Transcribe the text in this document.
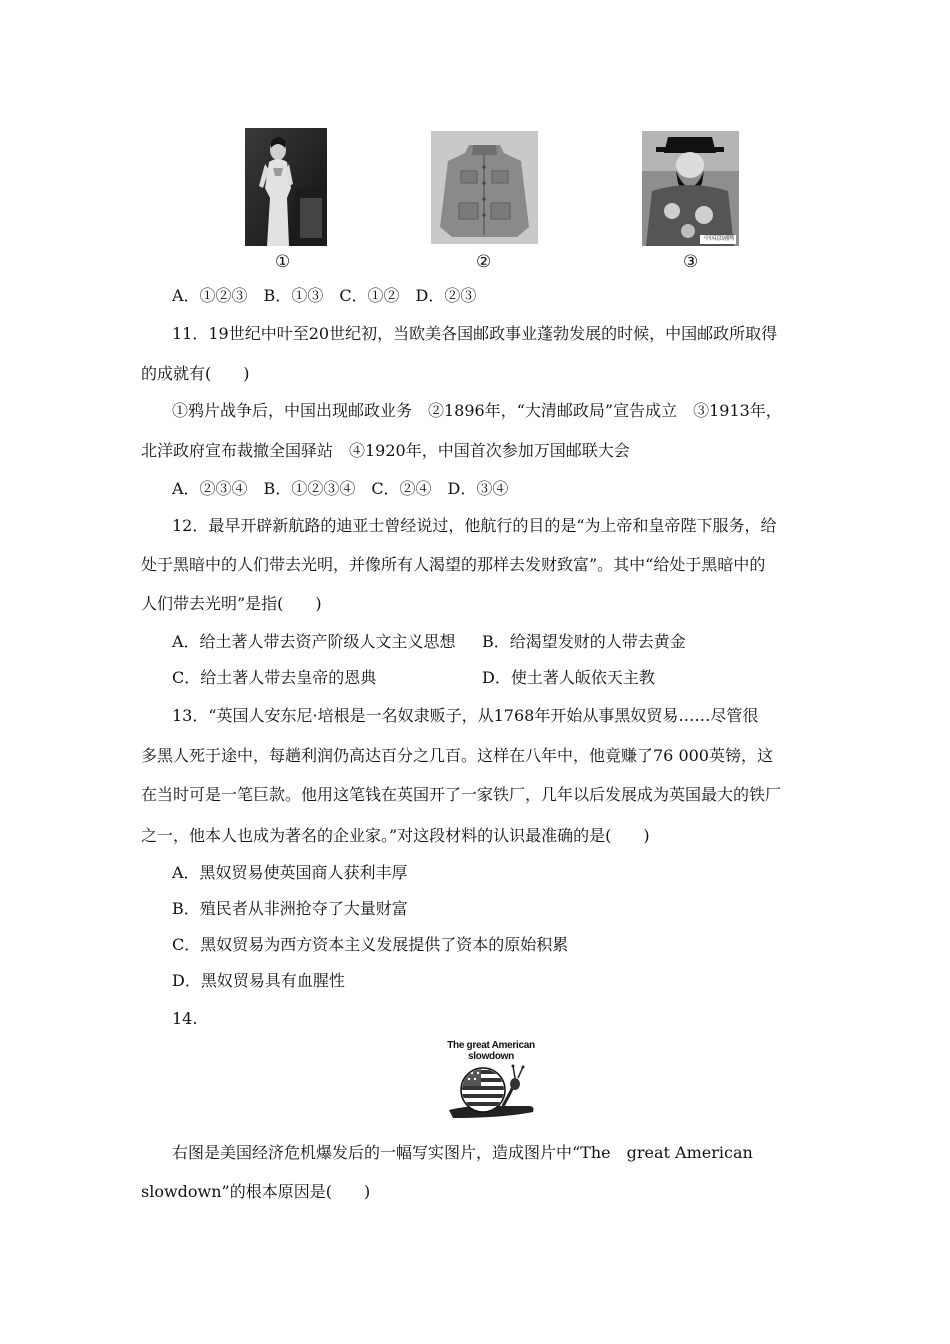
①	②
中国京剧网
③
A．①②③　B．①③　C．①②　D．②③
11．19世纪中叶至20世纪初，当欧美各国邮政事业蓬勃发展的时候，中国邮政所取得
的成就有(　　)
①鸦片战争后，中国出现邮政业务　②1896年，“大清邮政局”宣告成立　③1913年，
北洋政府宣布裁撤全国驿站　④1920年，中国首次参加万国邮联大会
A．②③④　B．①②③④　C．②④　D．③④
12．最早开辟新航路的迪亚士曾经说过，他航行的目的是“为上帝和皇帝陛下服务，给
处于黑暗中的人们带去光明，并像所有人渴望的那样去发财致富”。其中“给处于黑暗中的
人们带去光明”是指(　　)
A．给土著人带去资产阶级人文主义思想 B．给渴望发财的人带去黄金
C．给土著人带去皇帝的恩典	D．使土著人皈依天主教
13．“英国人安东尼·培根是一名奴隶贩子，从1768年开始从事黑奴贸易……尽管很
多黑人死于途中，每趟利润仍高达百分之几百。这样在八年中，他竟赚了76 000英镑，这
在当时可是一笔巨款。他用这笔钱在英国开了一家铁厂，几年以后发展成为英国最大的铁厂
之一，他本人也成为著名的企业家。”对这段材料的认识最准确的是(　　)
A．黑奴贸易使英国商人获利丰厚
B．殖民者从非洲抢夺了大量财富
C．黑奴贸易为西方资本主义发展提供了资本的原始积累
D．黑奴贸易具有血腥性
14.
The great American
slowdown
右图是美国经济危机爆发后的一幅写实图片，造成图片中“The　great American
slowdown”的根本原因是(　　)
